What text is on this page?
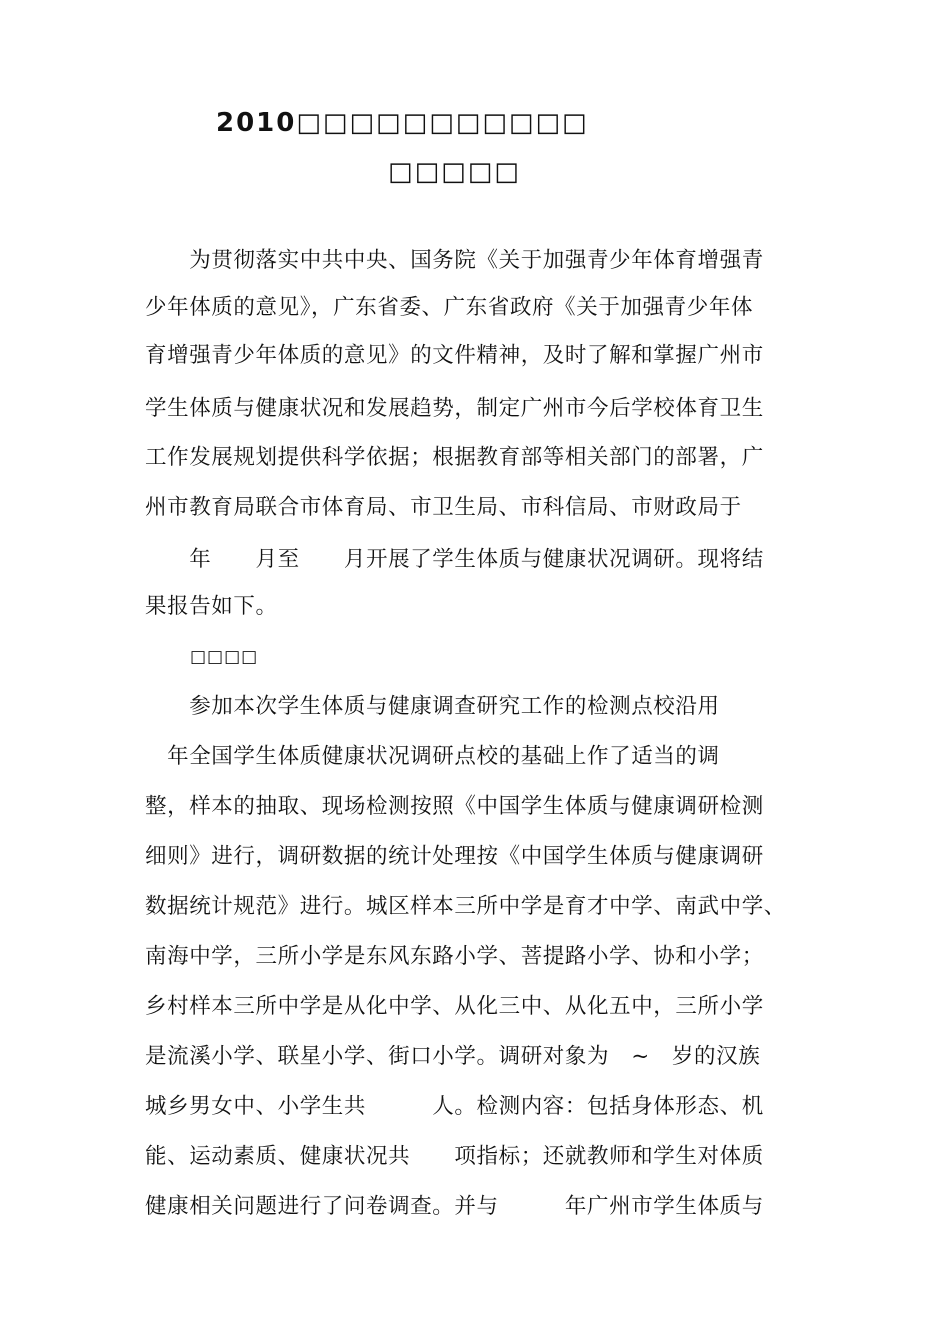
2010□□□□□□□□□□□
□□□□□
　　为贯彻落实中共中央、国务院《关于加强青少年体育增强青
少年体质的意见》，广东省委、广东省政府《关于加强青少年体
育增强青少年体质的意见》的文件精神，及时了解和掌握广州市
学生体质与健康状况和发展趋势，制定广州市今后学校体育卫生
工作发展规划提供科学依据；根据教育部等相关部门的部署，广
州市教育局联合市体育局、市卫生局、市科信局、市财政局于
　　年　　月至　　月开展了学生体质与健康状况调研。现将结
果报告如下。
□□□□
　　参加本次学生体质与健康调查研究工作的检测点校沿用
　年全国学生体质健康状况调研点校的基础上作了适当的调
整，样本的抽取、现场检测按照《中国学生体质与健康调研检测
细则》进行，调研数据的统计处理按《中国学生体质与健康调研
数据统计规范》进行。城区样本三所中学是育才中学、南武中学、
南海中学，三所小学是东风东路小学、菩提路小学、协和小学；
乡村样本三所中学是从化中学、从化三中、从化五中，三所小学
是流溪小学、联星小学、街口小学。调研对象为　~　岁的汉族
城乡男女中、小学生共　　　人。检测内容：包括身体形态、机
能、运动素质、健康状况共　　项指标；还就教师和学生对体质
健康相关问题进行了问卷调查。并与　　　年广州市学生体质与
